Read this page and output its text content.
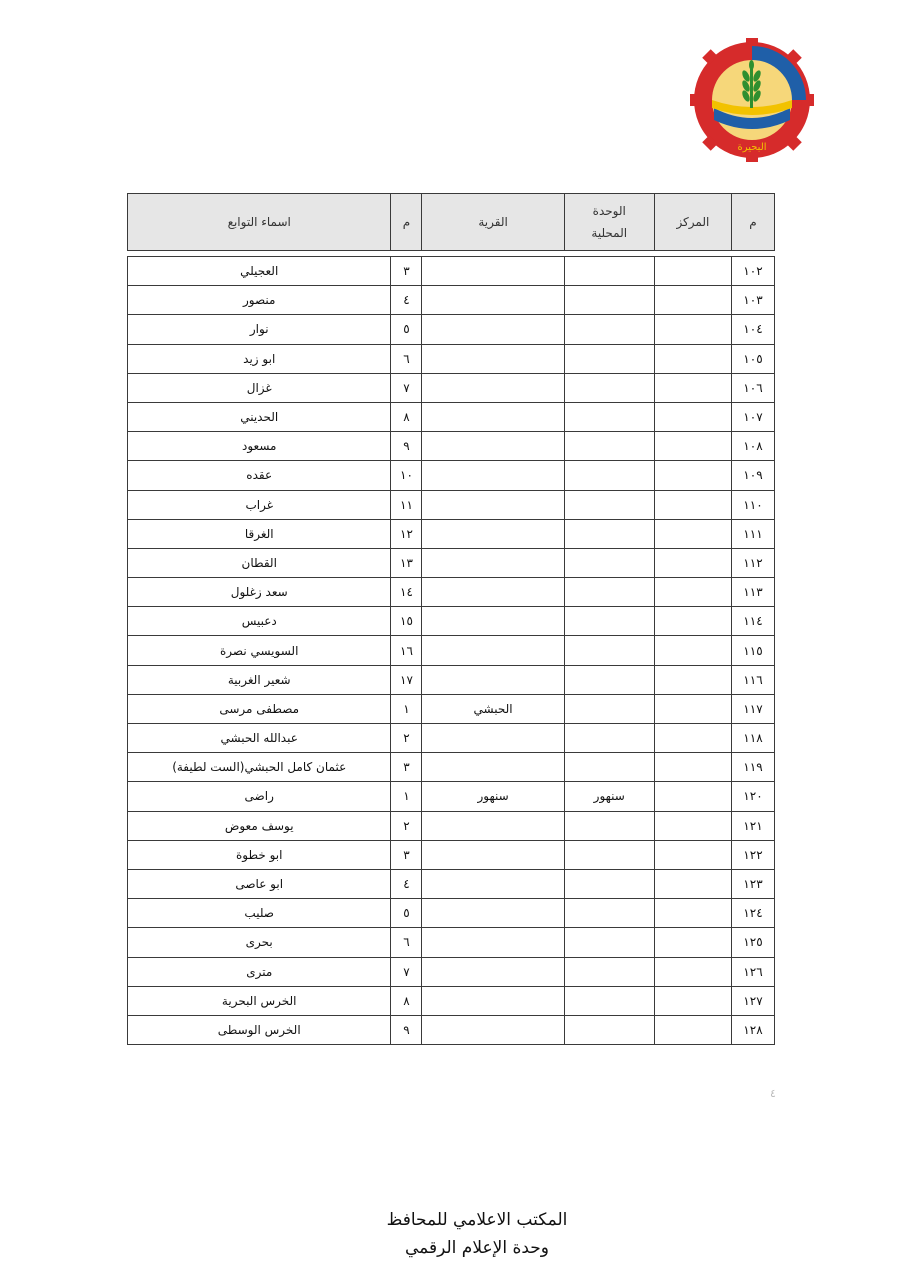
البحيرة
م	المركز	الوحدة المحلية	القرية	م	اسماء التوابع

١٠٢				٣	العجيلي
١٠٣				٤	منصور
١٠٤				٥	نوار
١٠٥				٦	ابو زيد
١٠٦				٧	غزال
١٠٧				٨	الحديني
١٠٨				٩	مسعود
١٠٩				١٠	عقده
١١٠				١١	غراب
١١١				١٢	الغرقا
١١٢				١٣	القطان
١١٣				١٤	سعد زغلول
١١٤				١٥	دعبيس
١١٥				١٦	السويسي نصرة
١١٦				١٧	شعير الغربية
١١٧			الحبشي	١	مصطفى مرسى
١١٨				٢	عبدالله الحبشي
١١٩				٣	عثمان كامل الحبشي(الست لطيفة)
١٢٠		سنهور	سنهور	١	راضى
١٢١				٢	يوسف معوض
١٢٢				٣	ابو خطوة
١٢٣				٤	ابو عاصى
١٢٤				٥	صليب
١٢٥				٦	بحرى
١٢٦				٧	مترى
١٢٧				٨	الخرس البحرية
١٢٨				٩	الخرس الوسطى
٤
المكتب الاعلامي للمحافظ
وحدة الإعلام الرقمي
